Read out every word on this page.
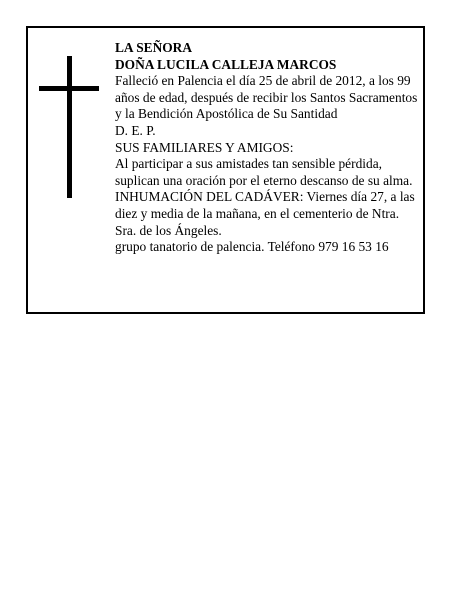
LA SEÑORA
DOÑA LUCILA CALLEJA MARCOS
Falleció en Palencia el día 25 de abril de 2012, a los 99 años de edad, después de recibir los Santos Sacramentos y la Bendición Apostólica de Su Santidad
D. E. P.
SUS FAMILIARES Y AMIGOS:
Al participar a sus amistades tan sensible pérdida, suplican una oración por el eterno descanso de su alma.
INHUMACIÓN DEL CADÁVER: Viernes día 27, a las diez y media de la mañana, en el cementerio de Ntra. Sra. de los Ángeles.
grupo tanatorio de palencia. Teléfono 979 16 53 16
